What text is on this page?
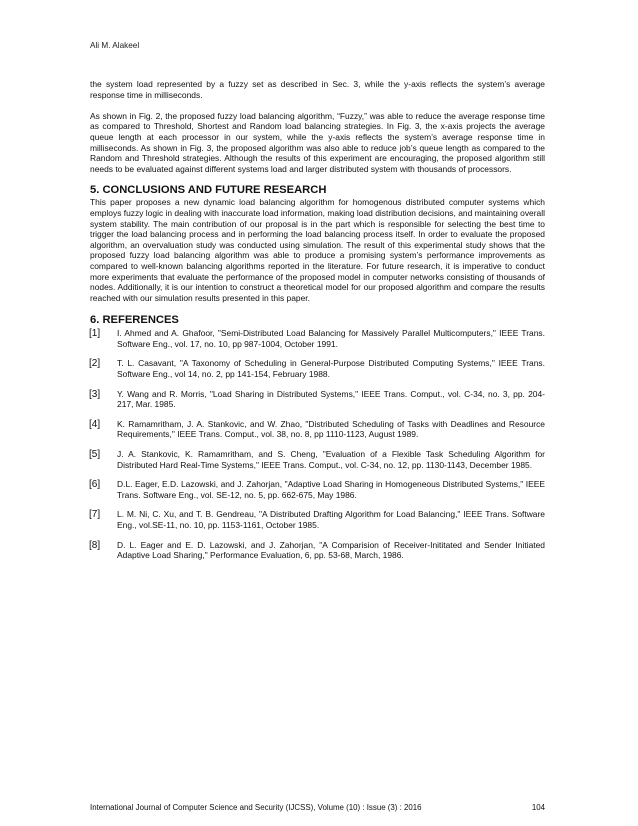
Ali M. Alakeel

the system load represented by a fuzzy set as described in Sec. 3, while the y-axis reflects the system’s average response time in milliseconds.

As shown in Fig. 2, the proposed fuzzy load balancing algorithm, “Fuzzy,” was able to reduce the average response time as compared to Threshold, Shortest and Random load balancing strategies. In Fig. 3, the x-axis projects the average queue length at each processor in our system, while the y-axis reflects the system’s average response time in milliseconds. As shown in Fig. 3, the proposed algorithm was also able to reduce job’s queue length as compared to the Random and Threshold strategies. Although the results of this experiment are encouraging, the proposed algorithm still needs to be evaluated against different systems load and larger distributed system with thousands of processors.

5. CONCLUSIONS AND FUTURE RESEARCH

This paper proposes a new dynamic load balancing algorithm for homogenous distributed computer systems which employs fuzzy logic in dealing with inaccurate load information, making load distribution decisions, and maintaining overall system stability. The main contribution of our proposal is in the part which is responsible for selecting the best time to trigger the load balancing process and in performing the load balancing process itself. In order to evaluate the proposed algorithm, an overvaluation study was conducted using simulation. The result of this experimental study shows that the proposed fuzzy load balancing algorithm was able to produce a promising system’s performance improvements as compared to well-known balancing algorithms reported in the literature. For future research, it is imperative to conduct more experiments that evaluate the performance of the proposed model in computer networks consisting of thousands of nodes. Additionally, it is our intention to construct a theoretical model for our proposed algorithm and compare the results reached with our simulation results presented in this paper.

6. REFERENCES
[1]	I. Ahmed and A. Ghafoor, "Semi-Distributed Load Balancing for Massively Parallel Multicomputers," IEEE Trans. Software Eng., vol. 17, no. 10, pp 987-1004, October 1991.
[2]	T. L. Casavant, "A Taxonomy of Scheduling in General-Purpose Distributed Computing Systems," IEEE Trans. Software Eng., vol 14, no. 2, pp 141-154, February 1988.
[3]	Y. Wang and R. Morris, "Load Sharing in Distributed Systems," IEEE Trans. Comput., vol. C-34, no. 3, pp. 204-217, Mar. 1985.
[4]	K. Ramamritham, J. A. Stankovic, and W. Zhao, "Distributed Scheduling of Tasks with Deadlines and Resource Requirements," IEEE Trans. Comput., vol. 38, no. 8, pp 1110-1123, August 1989.
[5]	J. A. Stankovic, K. Ramamritham, and S. Cheng, "Evaluation of a Flexible Task Scheduling Algorithm for Distributed Hard Real-Time Systems," IEEE Trans. Comput., vol. C-34, no. 12, pp. 1130-1143, December 1985.
[6]	D.L. Eager, E.D. Lazowski, and J. Zahorjan, "Adaptive Load Sharing in Homogeneous Distributed Systems," IEEE Trans. Software Eng., vol. SE-12, no. 5, pp. 662-675, May 1986.
[7]	L. M. Ni, C. Xu, and T. B. Gendreau, "A Distributed Drafting Algorithm for Load Balancing," IEEE Trans. Software Eng., vol.SE-11, no. 10, pp. 1153-1161, October 1985.
[8]	D. L. Eager and E. D. Lazowski, and J. Zahorjan, "A Comparision of Receiver-Inititated and Sender Initiated Adaptive Load Sharing," Performance Evaluation, 6, pp. 53-68, March, 1986.
International Journal of Computer Science and Security (IJCSS), Volume (10) : Issue (3) : 2016	104
